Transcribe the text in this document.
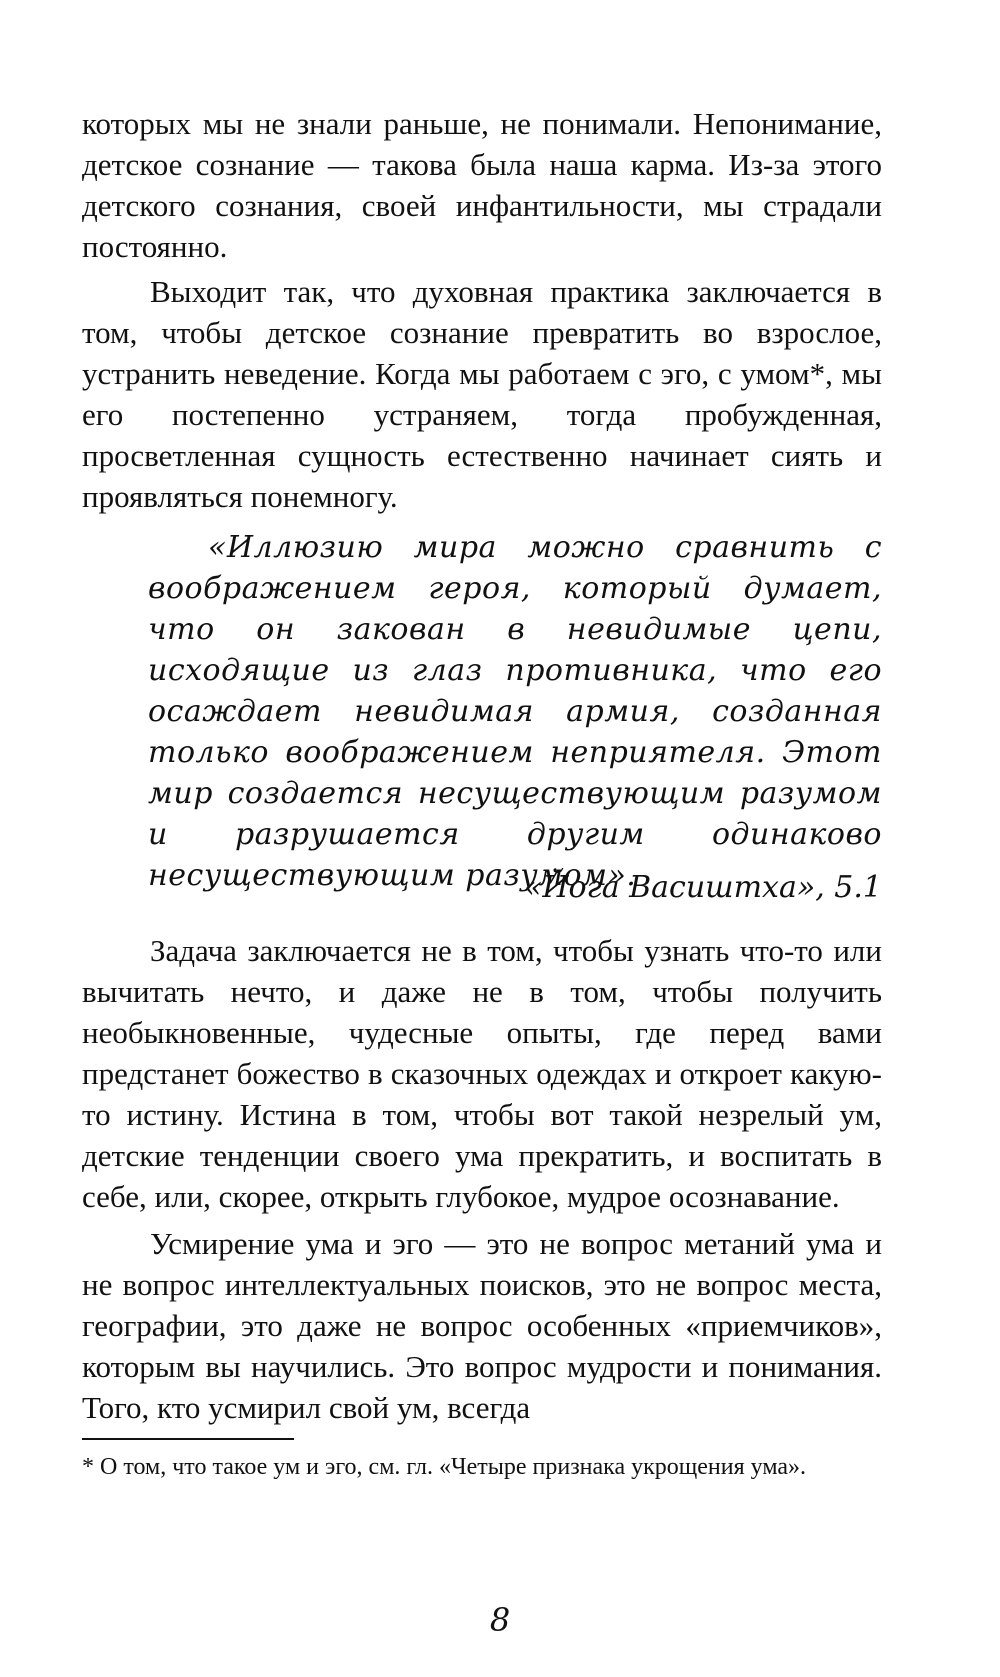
которых мы не знали раньше, не понимали. Непонимание, детское сознание — такова была наша карма. Из-за этого детского сознания, своей инфантильности, мы страдали постоянно.

Выходит так, что духовная практика заключается в том, чтобы детское сознание превратить во взрослое, устранить неведение. Когда мы работаем с эго, с умом*, мы его постепенно устраняем, тогда пробужденная, просветленная сущность естественно начинает сиять и проявляться понемногу.

«Иллюзию мира можно сравнить с воображением героя, который думает, что он закован в невидимые цепи, исходящие из глаз противника, что его осаждает невидимая армия, созданная только воображением неприятеля. Этот мир создается несуществующим разумом и разрушается другим одинаково несуществующим разумом».
«Йога Васиштха», 5.1

Задача заключается не в том, чтобы узнать что-то или вычитать нечто, и даже не в том, чтобы получить необыкновенные, чудесные опыты, где перед вами предстанет божество в сказочных одеждах и откроет какую-то истину. Истина в том, чтобы вот такой незрелый ум, детские тенденции своего ума прекратить, и воспитать в себе, или, скорее, открыть глубокое, мудрое осознавание.

Усмирение ума и эго — это не вопрос метаний ума и не вопрос интеллектуальных поисков, это не вопрос места, географии, это даже не вопрос особенных «приемчиков», которым вы научились. Это вопрос мудрости и понимания. Того, кто усмирил свой ум, всегда

* О том, что такое ум и эго, см. гл. «Четыре признака укрощения ума».
8
